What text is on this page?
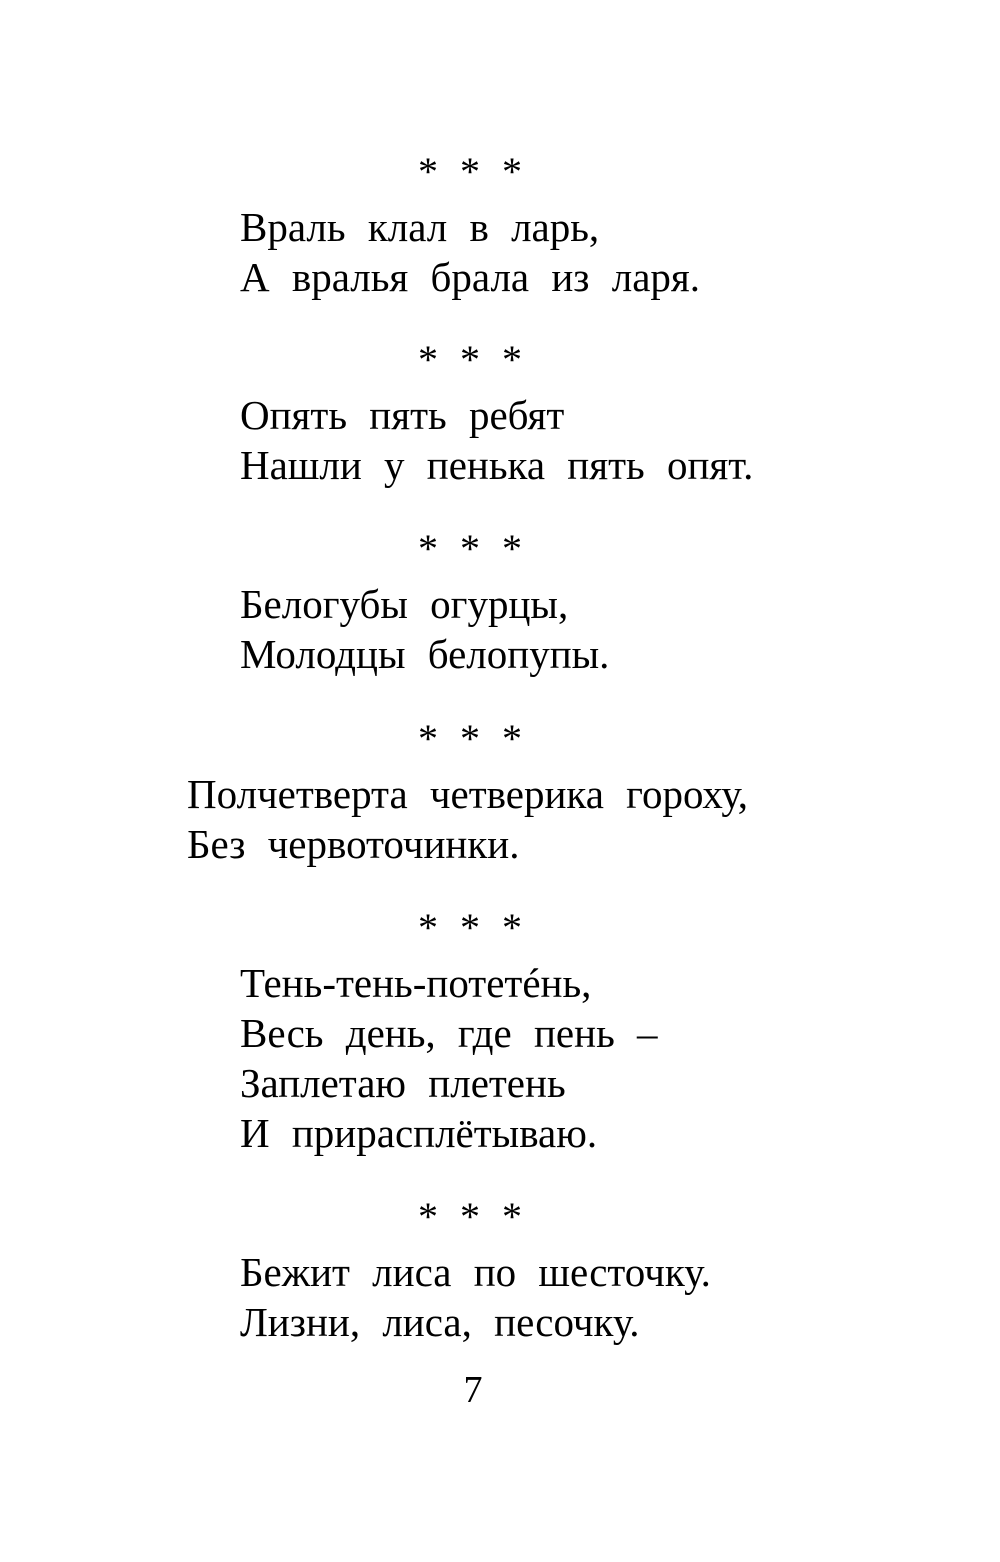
* * *
Враль клал в ларь,
А вралья брала из ларя.
* * *
Опять пять ребят
Нашли у пенька пять опят.
* * *
Белогубы огурцы,
Молодцы белопупы.
* * *
Полчетверта четверика гороху,
Без червоточинки.
* * *
Тень-тень-потетéнь,
Весь день, где пень –
Заплетаю плетень
И прирасплётываю.
* * *
Бежит лиса по шесточку.
Лизни, лиса, песочку.
7
